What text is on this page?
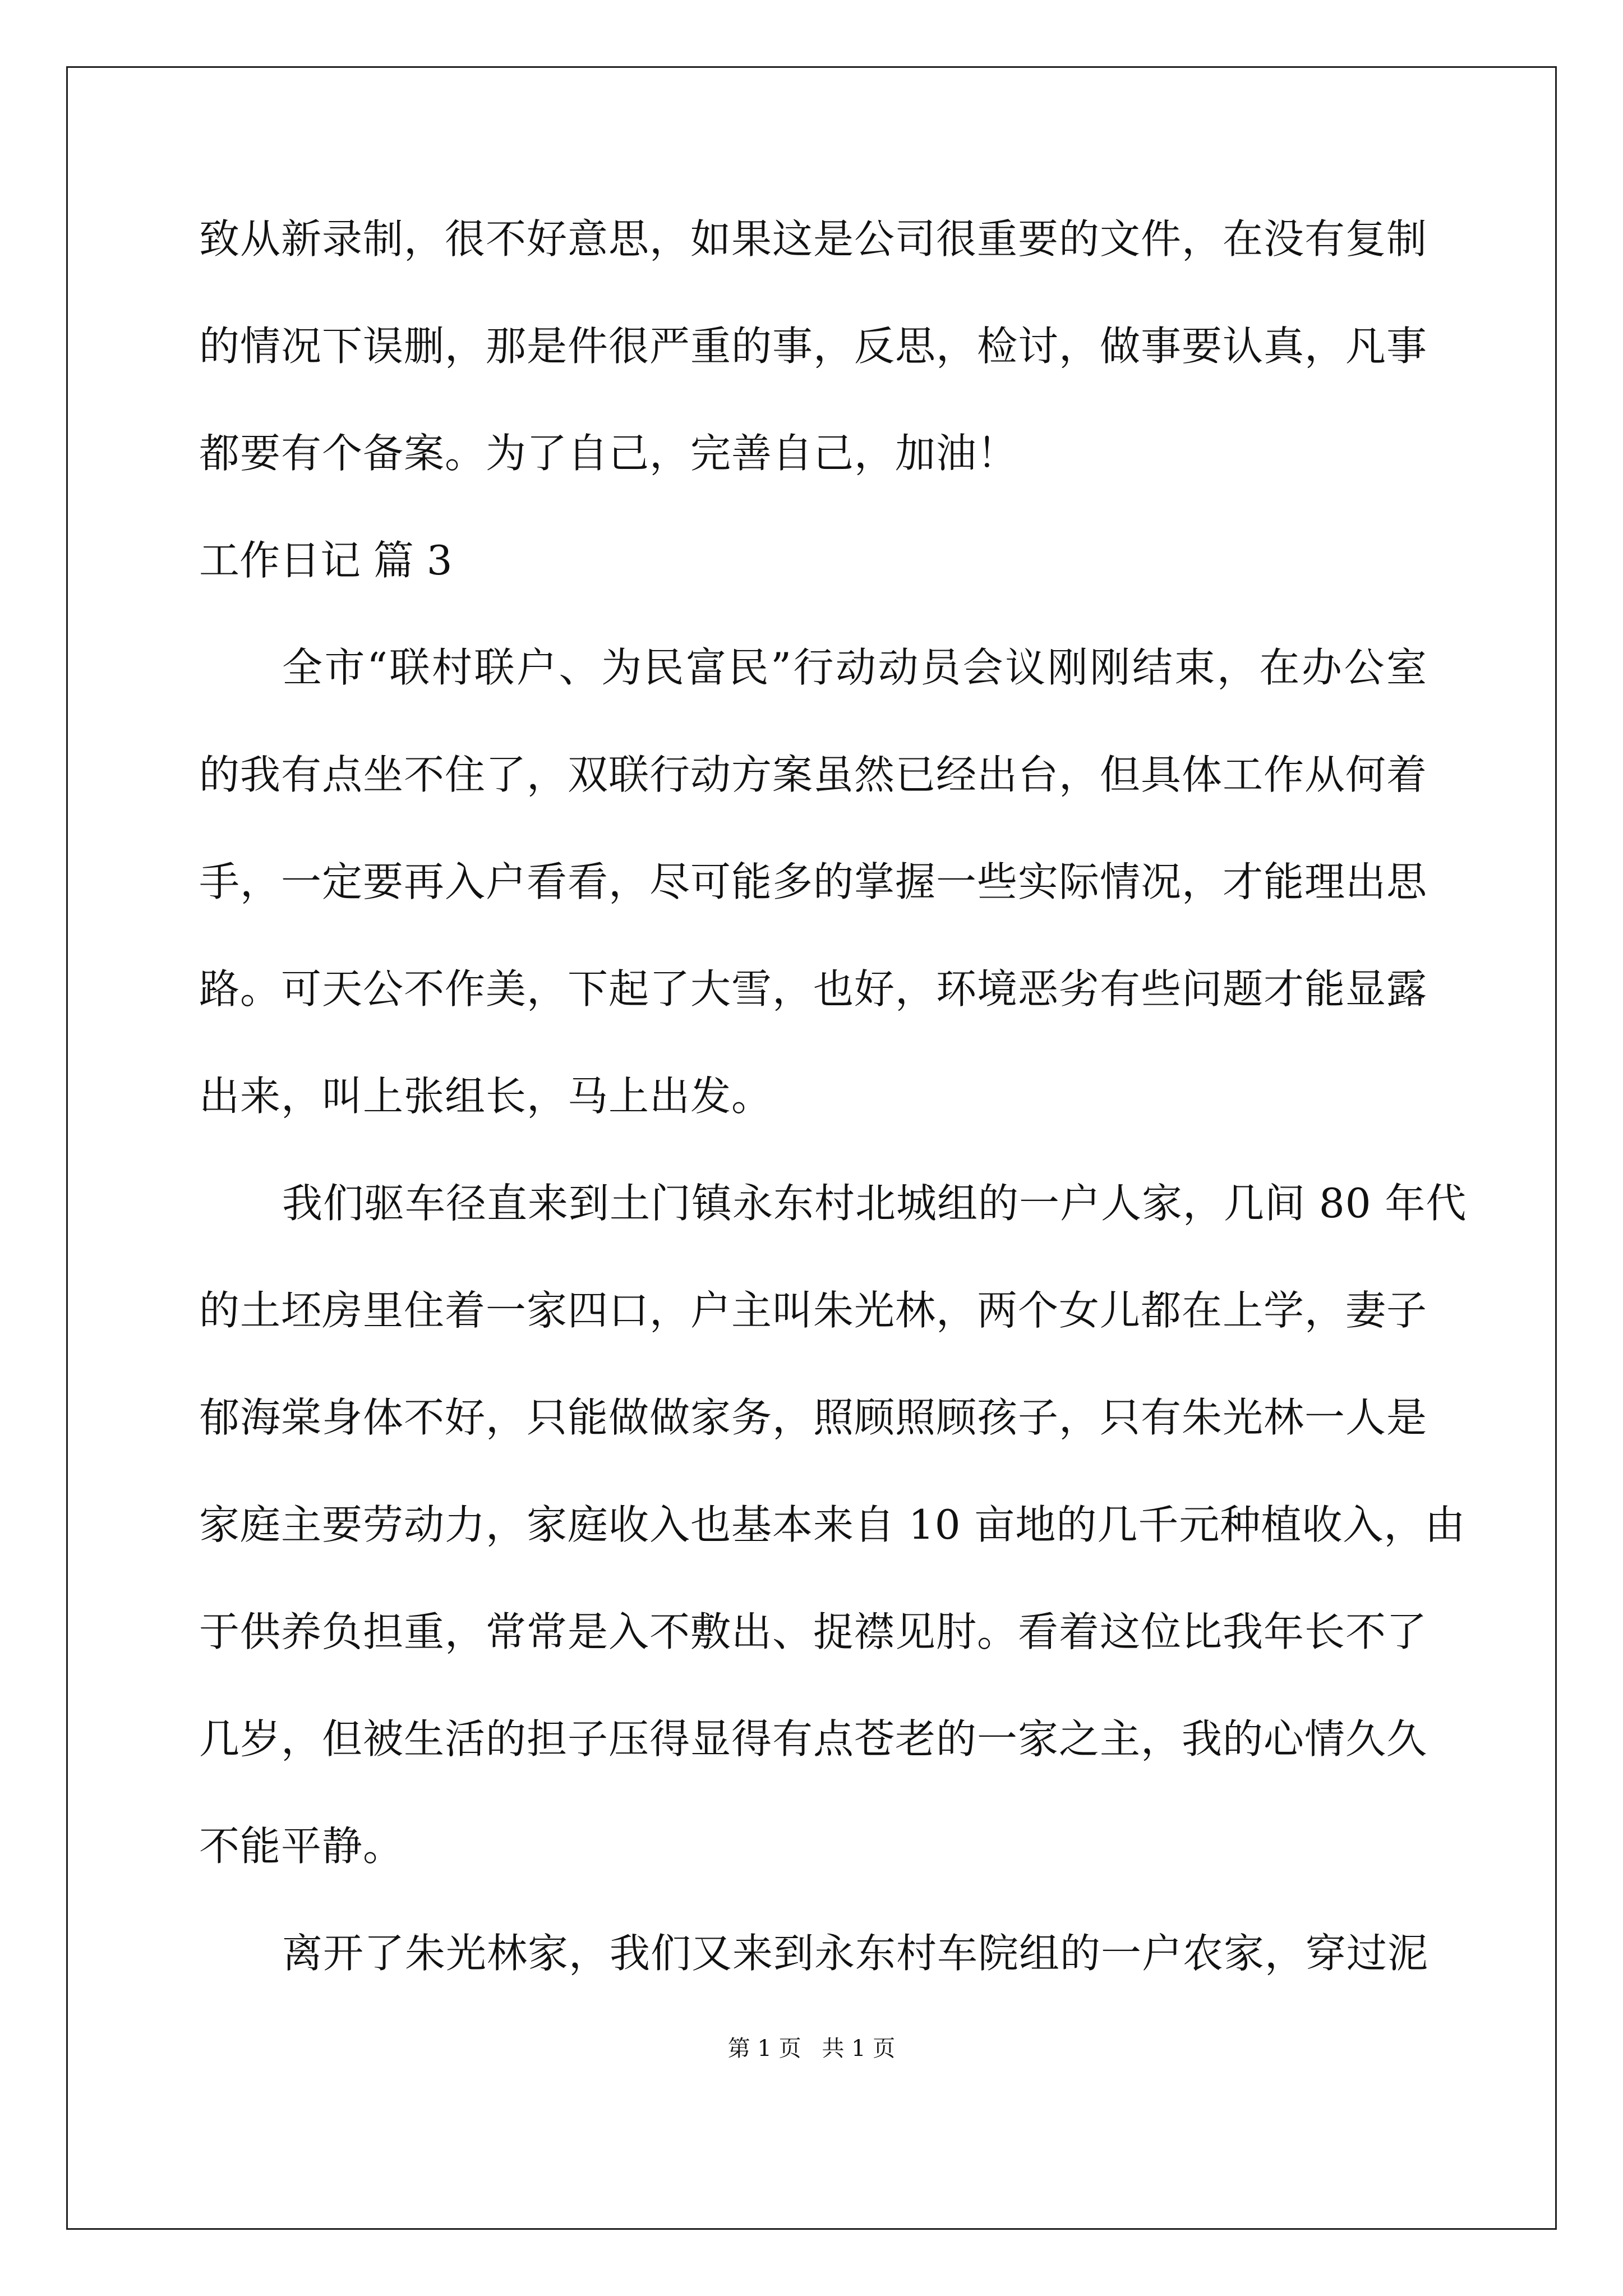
致从新录制，很不好意思，如果这是公司很重要的文件，在没有复制
的情况下误删，那是件很严重的事，反思，检讨，做事要认真，凡事
都要有个备案。为了自己，完善自己，加油！
工作日记 篇 3
全市“联村联户、为民富民”行动动员会议刚刚结束，在办公室
的我有点坐不住了，双联行动方案虽然已经出台，但具体工作从何着
手，一定要再入户看看，尽可能多的掌握一些实际情况，才能理出思
路。可天公不作美，下起了大雪，也好，环境恶劣有些问题才能显露
出来，叫上张组长，马上出发。
我们驱车径直来到土门镇永东村北城组的一户人家，几间 80 年代
的土坯房里住着一家四口，户主叫朱光林，两个女儿都在上学，妻子
郁海棠身体不好，只能做做家务，照顾照顾孩子，只有朱光林一人是
家庭主要劳动力，家庭收入也基本来自 10 亩地的几千元种植收入，由
于供养负担重，常常是入不敷出、捉襟见肘。看着这位比我年长不了
几岁，但被生活的担子压得显得有点苍老的一家之主，我的心情久久
不能平静。
离开了朱光林家，我们又来到永东村车院组的一户农家，穿过泥
第 1 页 共 1 页
